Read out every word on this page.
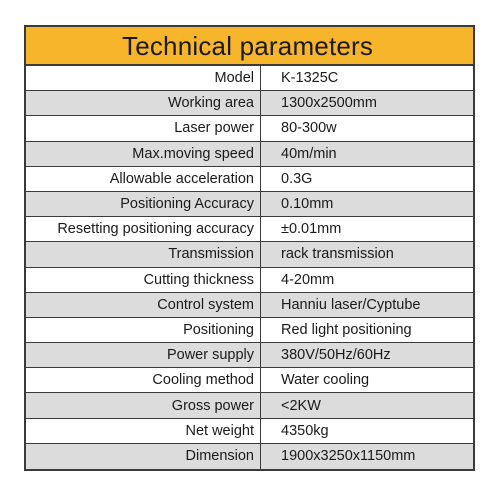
Technical parameters
Model	K-1325C
Working area	1300x2500mm
Laser power	80-300w
Max.moving speed	40m/min
Allowable acceleration	0.3G
Positioning Accuracy	0.10mm
Resetting positioning accuracy	±0.01mm
Transmission	rack transmission
Cutting thickness	4-20mm
Control system	Hanniu laser/Cyptube
Positioning	Red light positioning
Power supply	380V/50Hz/60Hz
Cooling method	Water cooling
Gross power	<2KW
Net weight	4350kg
Dimension	1900x3250x1150mm
